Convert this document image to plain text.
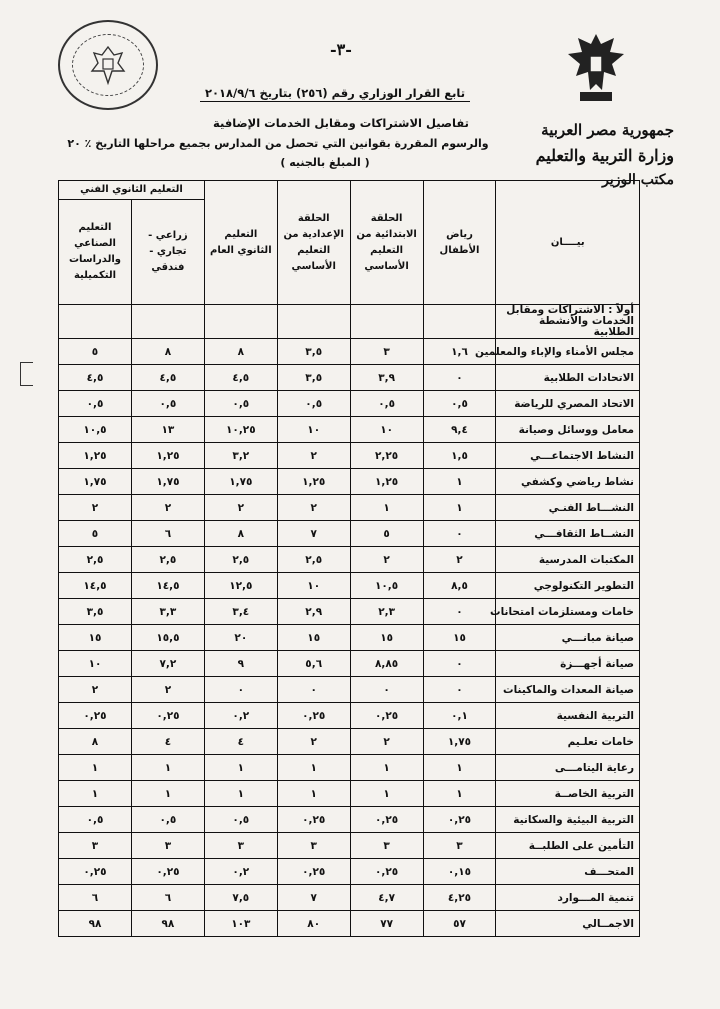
-٣-
جمهورية مصر العربية
وزارة التربية والتعليم
مكتب الوزير
تابع القرار الوزاري رقم (٢٥٦) بتاريخ ٢٠١٨/٩/٦
تفاصيل الاشتراكات ومقابل الخدمات الإضافية
والرسوم المقررة بقوانين التي تحصل من المدارس بجميع مراحلها التاريخ ٪ ٢٠
( المبلغ بالجنيه )
بيــــان	رياض الأطفال	الحلقة الابتدائية من التعليم الأساسي	الحلقة الإعدادية من التعليم الأساسي	التعليم الثانوي العام	التعليم الثانوي الفني	
					زراعي - تجاري - فندقي	التعليم الصناعي والدراسات التكميلية
أولاً : الاشتراكات ومقابل الخدمات والأنشطة الطلابية						
مجلس الأمناء والإباء والمعلمين	١,٦	٣	٣,٥	٨	٨	٥
الاتحادات الطلابية	٠	٣,٩	٣,٥	٤,٥	٤,٥	٤,٥
الاتحاد المصري للرياضة	٠,٥	٠,٥	٠,٥	٠,٥	٠,٥	٠,٥
معامل ووسائل وصيانة	٩,٤	١٠	١٠	١٠,٢٥	١٣	١٠,٥
النشاط الاجتماعـــي	١,٥	٢,٢٥	٢	٣,٢	١,٢٥	١,٢٥
نشاط رياضي وكشفي	١	١,٢٥	١,٢٥	١,٧٥	١,٧٥	١,٧٥
النشـــاط الفنـي	١	١	٢	٢	٢	٢
النشــاط الثقافـــي	٠	٥	٧	٨	٦	٥
المكتبات المدرسية	٢	٢	٢,٥	٢,٥	٢,٥	٢,٥
التطوير التكنولوجي	٨,٥	١٠,٥	١٠	١٢,٥	١٤,٥	١٤,٥
خامات ومستلزمات امتحانات	٠	٢,٣	٢,٩	٣,٤	٣,٣	٣,٥
صيانة مبانـــي	١٥	١٥	١٥	٢٠	١٥,٥	١٥
صيانة أجهـــزة	٠	٨,٨٥	٥,٦	٩	٧,٢	١٠
صيانة المعدات والماكينات	٠	٠	٠	٠	٢	٢
التربية النفسية	٠,١	٠,٢٥	٠,٢٥	٠,٢	٠,٢٥	٠,٢٥
خامات تعلـيم	١,٧٥	٢	٢	٤	٤	٨
رعاية اليتامـــى	١	١	١	١	١	١
التربية الخاصــة	١	١	١	١	١	١
التربية البيئية والسكانية	٠,٢٥	٠,٢٥	٠,٢٥	٠,٥	٠,٥	٠,٥
التأمين على الطلبــة	٣	٣	٣	٣	٣	٣
المتحـــف	٠,١٥	٠,٢٥	٠,٢٥	٠,٢	٠,٢٥	٠,٢٥
تنمية المـــوارد	٤,٢٥	٤,٧	٧	٧,٥	٦	٦
الاجمــالي	٥٧	٧٧	٨٠	١٠٣	٩٨	٩٨
